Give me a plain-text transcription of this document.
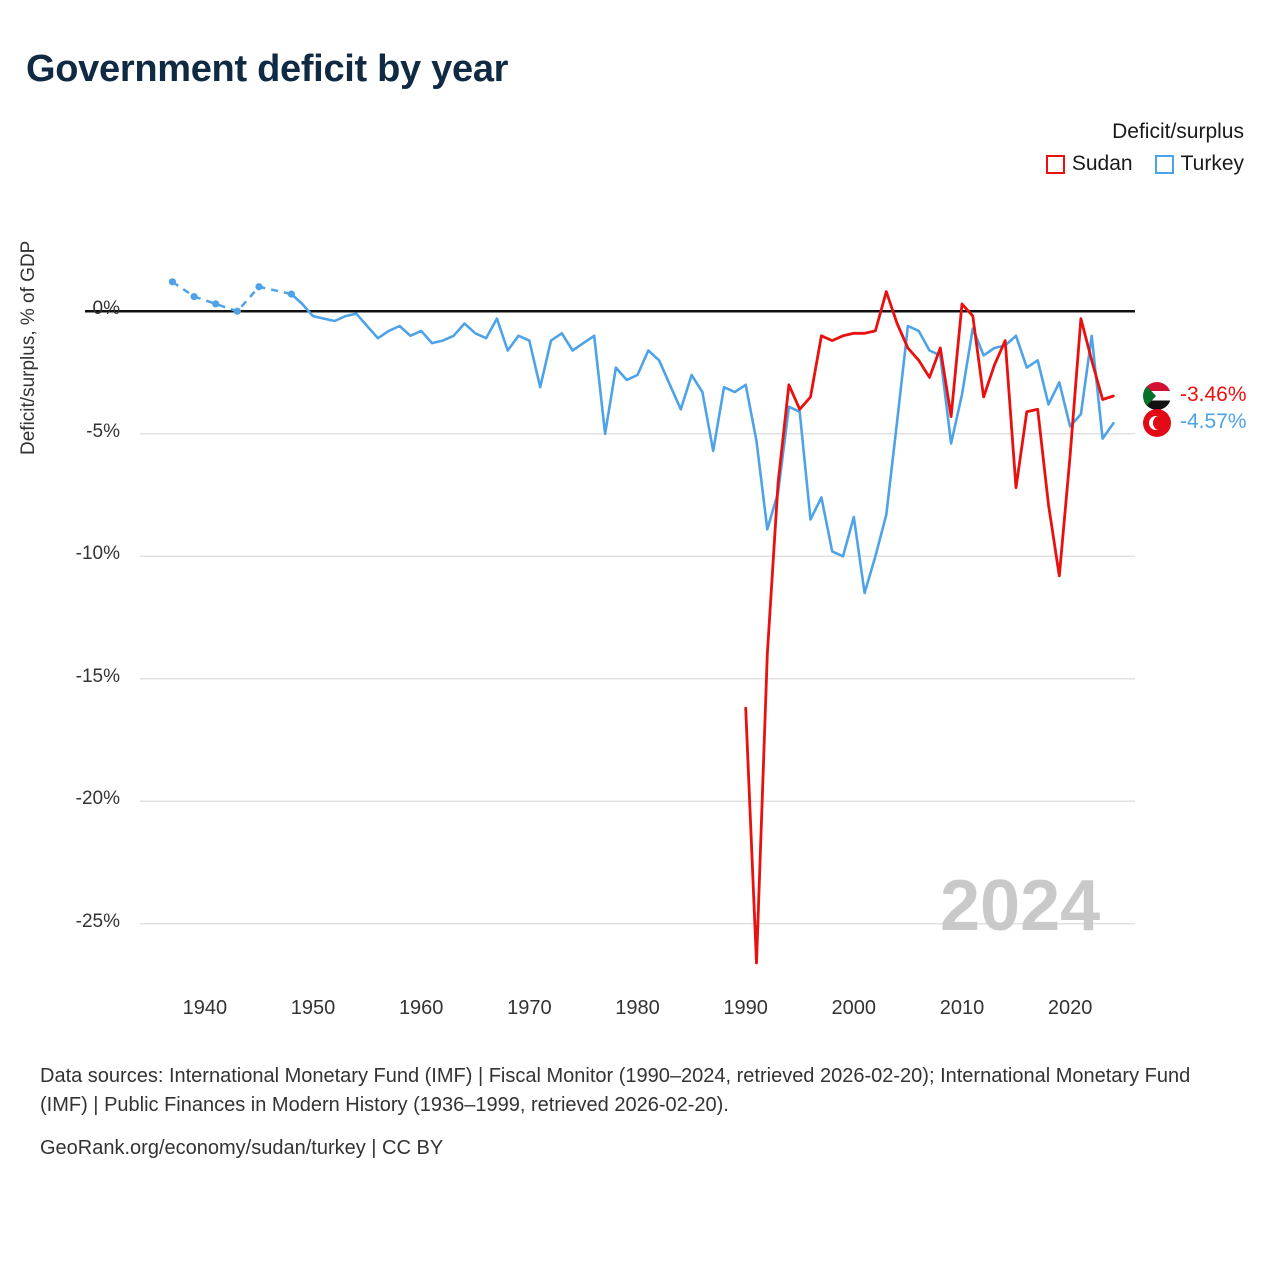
Government deficit by year
Deficit/surplus
Sudan Turkey
Deficit/surplus, % of GDP	0%
-5%
-10%
-15%
-20%
-25%
1940	1950	1960	1970	1980	1990	2000	2010	2020
2024
-3.46%
-4.57%
Data sources: International Monetary Fund (IMF) | Fiscal Monitor (1990–2024, retrieved 2026-02-20); International Monetary Fund (IMF) | Public Finances in Modern History (1936–1999, retrieved 2026-02-20).
GeoRank.org/economy/sudan/turkey | CC BY
